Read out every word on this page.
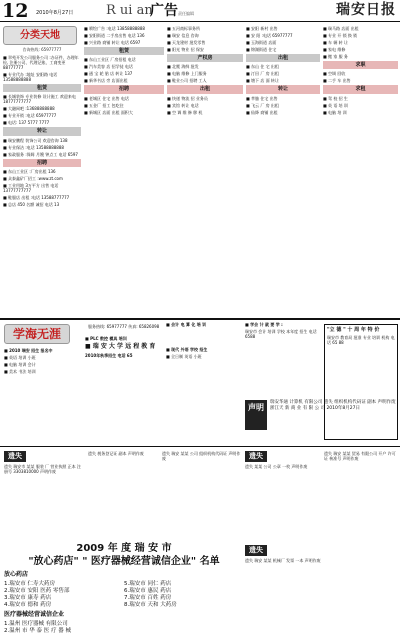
12 2010年8月27日	R ui an
广告 责任编辑	瑞安日报
分类天地
咨询热线: 65977777
■ 翠苑开发公司服务公司 :办证件、办理年检, 注册公司、代理记账、工商变更 88777777
■ 专业代办 :地址 安阳路 电话 13588888888
租赁
■ 长城装饰 专业装修 设计施工 欢迎来电 18777777777
■ 大融网吧 :13688888888
■ 专业开锁 :电话 65977777
■ 电话: 137 5777 7777
转让
■ 瑞安鹏程 装饰公司 欢迎咨询 138
■ 专业保洁 :电话 13588888888
■ 家政服务 :保姆 月嫂 钟点工 电话 6597
招聘
■ 东山工业区 :厂房出租 136
■ 众泰鑫矿厂招工 :www.zt.com
■ 工业用地 3万平方 出售 电话 13777777777
■ 鞋服店 出租 :电话 13588777777
■ 总店 450 名额 诚招 电话 13
■ 喷绘广告 :电话 13858888888
■ 安阳街道 二手房出售 电话 136
■ 兴业路 商铺 转让 电话 6597
租赁
■ 东山工业区 厂房招租 电话
■ 汽车美容 店 招学徒 电话
■ 通 宝 轮 胎 店 转让 137
■ 新华书店 旁 店面出租
招聘
■ 老城区 住宅 出售 电话
■ 五金厂 招工 包吃住
■ 新城区 店面 出租 面积大
■ 五河商标事务所
■ 瑞安 信息 咨询
■ 天龙建材 批发零售
■ 阳光 物业 招 保安
产权房
■ 北麂 海鲜 批发
■ 电脑 维修 上门服务
■ 鞋业公司 招聘 工人
出租
■ 快递 物流 招 业务员
■ 宾馆 转让 电话
■ 空 调 维 修 移 机
■ 安阳 新村 出售
■ 安 阳 :电话 65977777
■ 玉海街道 店面
■ 锦湖街道 住宅
出租
■ 东山 住 宅 出租
■ 汀田 厂 房 出租
■ 塘下 店 面 转让
转让
■ 莘塍 住宅 出售
■ 飞云 厂 房 出租
■ 仙降 商铺 出租
■ 瑞马路 店面 出租
■ 专业 开 锁 换 锁
■ 车 辆 转 让
■ 家电 维修
■ 搬 家 服 务
求职
■ 空调 回收
■ 二手 车 出售
求租
■ 驾 校 招 生
■ 英 语 培 训
■ 电脑 培 训
学海无涯
服务热线: 65977777 传真: 65826098
■ 2010 瑞安 招生 报名中
■ 英语 培训 小班
■ 电脑 培训 会计
■ 美术 书法 培训
■ PLC 数控 模具 培训
■ 瑞 安 大 学 远 程 教 育
2010年秋季招生 电话 65
■ 会计 电 算 化 培 训
■ 现代 外语 学校 招生
■ 全日制 英语 小班
■ 学会 计 就 要 学 :
瑞安市 会计 培训 学校 本年度 招生 电话 6588
"立 德 " 十 周 年 特 价
瑞安市 教育局 批准 专业 培训 机构 电话 65 88
声明
瑞安华通 计算机 有限公司 遗失 组织机构代码证 副本 声明作废 浙江天 新 商 业 有 限 公 司 2010年8月27日
遗失
遗失 瑞安市 某某 服装 厂 营业执照 正本 注册号 3303810000 声明作废
遗失 税务登记证 副本 声明作废	遗失 瑞安 某某 公司 组织机构代码证 声明作废	遗失
遗失 某某 公司 公章 一枚 声明作废
遗失 瑞安 某某 贸易 有限公司 开户 许可证 核准号 声明作废
遗失
遗失 瑞安 某某 机械厂 发票 一本 声明作废
2009 年 度 瑞 安 市
"放心药店" " 医疗器械经营诚信企业" 名单
放心药店
1.瑞安市 仁寿大药房	5.瑞安市 同仁 药店
2.瑞安市 安阳 医药 零售部	6.瑞安市 惠民 药店
3.瑞安市 康寿 药店	7.瑞安市 百姓 药房
4.瑞安市 德和 药房	8.瑞安市 天和 大药房
医疗器械经营诚信企业
1.温州 医疗器械 有限公司
2.温州 市 华 泰 医 疗 器 械
